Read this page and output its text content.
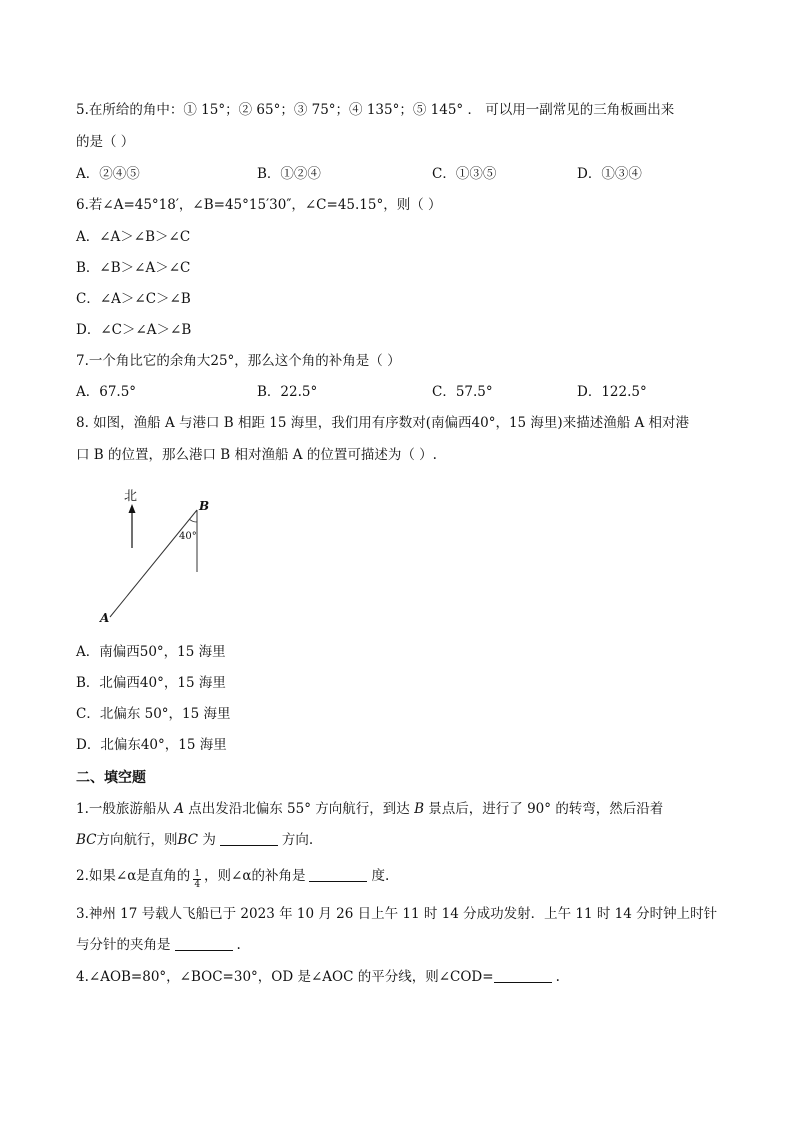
5.在所给的角中：① 15°；② 65°；③ 75°；④ 135°；⑤ 145° ． 可以用一副常见的三角板画出来
的是（ ）
A．②④⑤	B．①②④	C．①③⑤	D．①③④
6.若∠A=45°18′，∠B=45°15′30″，∠C=45.15°，则（ ）
A．∠A＞∠B＞∠C
B．∠B＞∠A＞∠C
C．∠A＞∠C＞∠B
D．∠C＞∠A＞∠B
7.一个角比它的余角大25°，那么这个角的补角是（ ）
A．67.5°	B．22.5°	C．57.5°	D．122.5°
8. 如图，渔船 A 与港口 B 相距 15 海里，我们用有序数对(南偏西40°，15 海里)来描述渔船 A 相对港
口 B 的位置，那么港口 B 相对渔船 A 的位置可描述为（ ）.
北
40°
B
A
A．南偏西50°，15 海里
B．北偏西40°，15 海里
C．北偏东 50°，15 海里
D．北偏东40°，15 海里
二、填空题
1.一般旅游船从 A 点出发沿北偏东 55° 方向航行，到达 B 景点后，进行了 90° 的转弯，然后沿着
BC方向航行，则BC 为	方向.
2.如果∠α是直角的 $\frac{1}{4}$ ，则∠α的补角是	度.
3.神州 17 号载人飞船已于 2023 年 10 月 26 日上午 11 时 14 分成功发射．上午 11 时 14 分时钟上时针
与分针的夹角是	.
4.∠AOB=80°，∠BOC=30°，OD 是∠AOC 的平分线，则∠COD=	.
